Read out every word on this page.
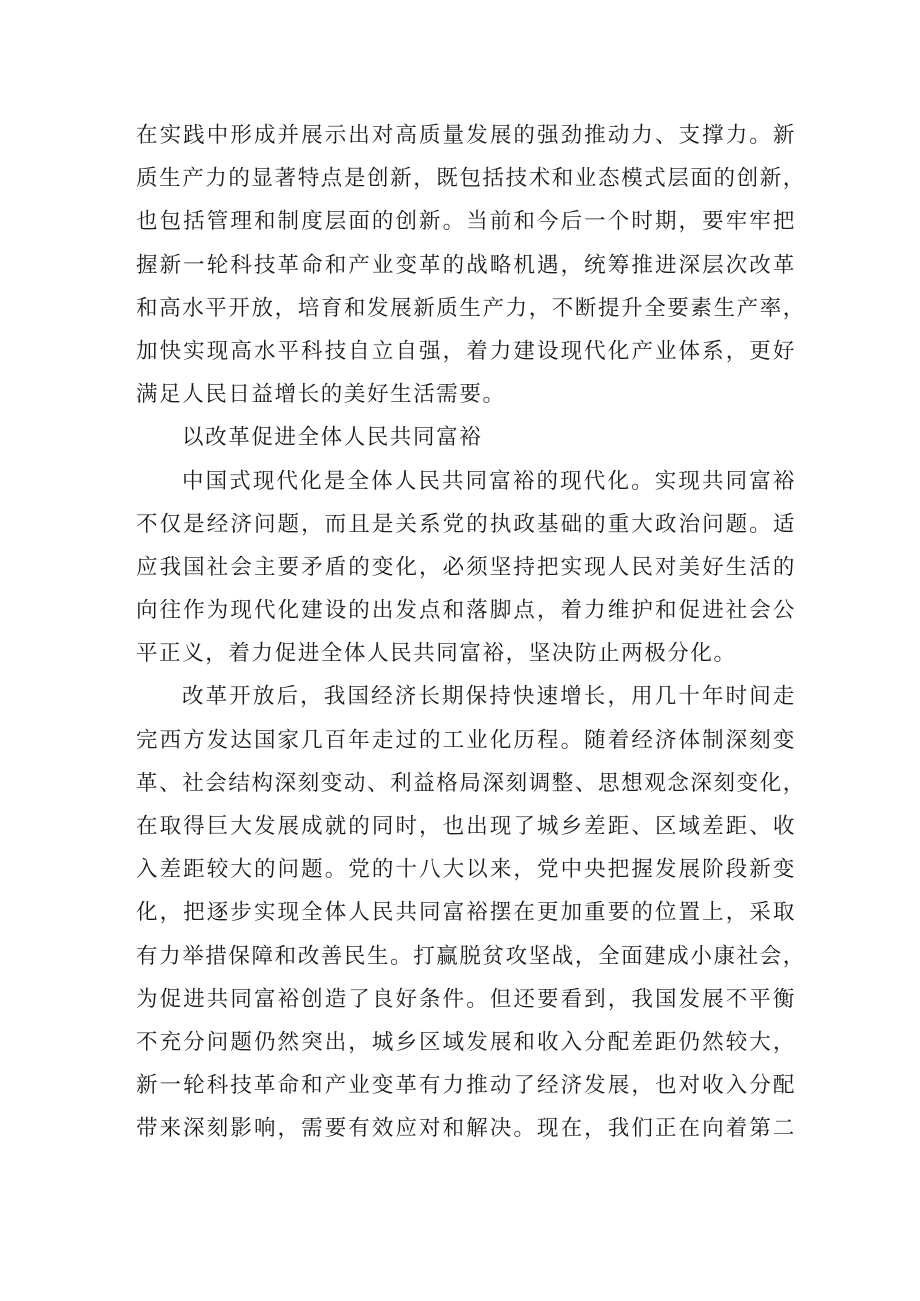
在实践中形成并展示出对高质量发展的强劲推动力、支撑力。新
质生产力的显著特点是创新，既包括技术和业态模式层面的创新，
也包括管理和制度层面的创新。当前和今后一个时期，要牢牢把
握新一轮科技革命和产业变革的战略机遇，统筹推进深层次改革
和高水平开放，培育和发展新质生产力，不断提升全要素生产率，
加快实现高水平科技自立自强，着力建设现代化产业体系，更好
满足人民日益增长的美好生活需要。
以改革促进全体人民共同富裕
中国式现代化是全体人民共同富裕的现代化。实现共同富裕
不仅是经济问题，而且是关系党的执政基础的重大政治问题。适
应我国社会主要矛盾的变化，必须坚持把实现人民对美好生活的
向往作为现代化建设的出发点和落脚点，着力维护和促进社会公
平正义，着力促进全体人民共同富裕，坚决防止两极分化。
改革开放后，我国经济长期保持快速增长，用几十年时间走
完西方发达国家几百年走过的工业化历程。随着经济体制深刻变
革、社会结构深刻变动、利益格局深刻调整、思想观念深刻变化，
在取得巨大发展成就的同时，也出现了城乡差距、区域差距、收
入差距较大的问题。党的十八大以来，党中央把握发展阶段新变
化，把逐步实现全体人民共同富裕摆在更加重要的位置上，采取
有力举措保障和改善民生。打赢脱贫攻坚战，全面建成小康社会，
为促进共同富裕创造了良好条件。但还要看到，我国发展不平衡
不充分问题仍然突出，城乡区域发展和收入分配差距仍然较大，
新一轮科技革命和产业变革有力推动了经济发展，也对收入分配
带来深刻影响，需要有效应对和解决。现在，我们正在向着第二
